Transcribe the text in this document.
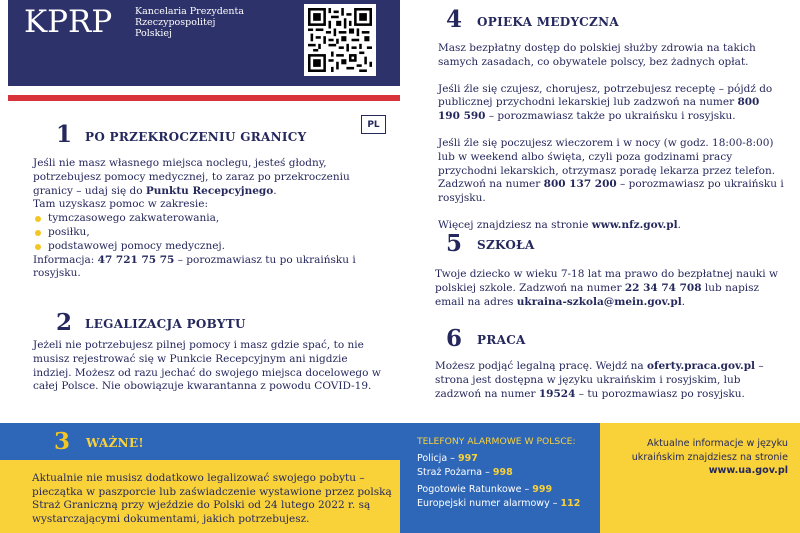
KPRP Kancelaria Prezydenta
Rzeczypospolitej
Polskiej
PL
1 PO PRZEKROCZENIU GRANICY
Jeśli nie masz własnego miejsca noclegu, jesteś głodny, potrzebujesz pomocy medycznej, to zaraz po przekroczeniu granicy – udaj się do Punktu Recepcyjnego.
Tam uzyskasz pomoc w zakresie:
tymczasowego zakwaterowania,
posiłku,
podstawowej pomocy medycznej.
Informacja: 47 721 75 75 – porozmawiasz tu po ukraińsku i rosyjsku.
2 LEGALIZACJA POBYTU
Jeżeli nie potrzebujesz pilnej pomocy i masz gdzie spać, to nie musisz rejestrować się w Punkcie Recepcyjnym ani nigdzie indziej. Możesz od razu jechać do swojego miejsca docelowego w całej Polsce. Nie obowiązuje kwarantanna z powodu COVID-19.
4 OPIEKA MEDYCZNA
Masz bezpłatny dostęp do polskiej służby zdrowia na takich samych zasadach, co obywatele polscy, bez żadnych opłat.
Jeśli źle się czujesz, chorujesz, potrzebujesz receptę – pójdź do publicznej przychodni lekarskiej lub zadzwoń na numer 800 190 590 – porozmawiasz także po ukraińsku i rosyjsku.
Jeśli źle się poczujesz wieczorem i w nocy (w godz. 18:00-8:00) lub w weekend albo święta, czyli poza godzinami pracy przychodni lekarskich, otrzymasz poradę lekarza przez telefon. Zadzwoń na numer 800 137 200 – porozmawiasz po ukraińsku i rosyjsku.
Więcej znajdziesz na stronie www.nfz.gov.pl.
5 SZKOŁA
Twoje dziecko w wieku 7-18 lat ma prawo do bezpłatnej nauki w polskiej szkole. Zadzwoń na numer 22 34 74 708 lub napisz email na adres ukraina-szkola@mein.gov.pl.
6 PRACA
Możesz podjąć legalną pracę. Wejdź na oferty.praca.gov.pl – strona jest dostępna w języku ukraińskim i rosyjskim, lub zadzwoń na numer 19524 – tu porozmawiasz po rosyjsku.
3 WAŻNE!
Aktualnie nie musisz dodatkowo legalizować swojego pobytu – pieczątka w paszporcie lub zaświadczenie wystawione przez polską Straż Graniczną przy wjeździe do Polski od 24 lutego 2022 r. są wystarczającymi dokumentami, jakich potrzebujesz.
TELEFONY ALARMOWE W POLSCE:
Policja – 997
Straż Pożarna – 998
Pogotowie Ratunkowe – 999
Europejski numer alarmowy – 112
Aktualne informacje w języku ukraińskim znajdziesz na stronie
www.ua.gov.pl
